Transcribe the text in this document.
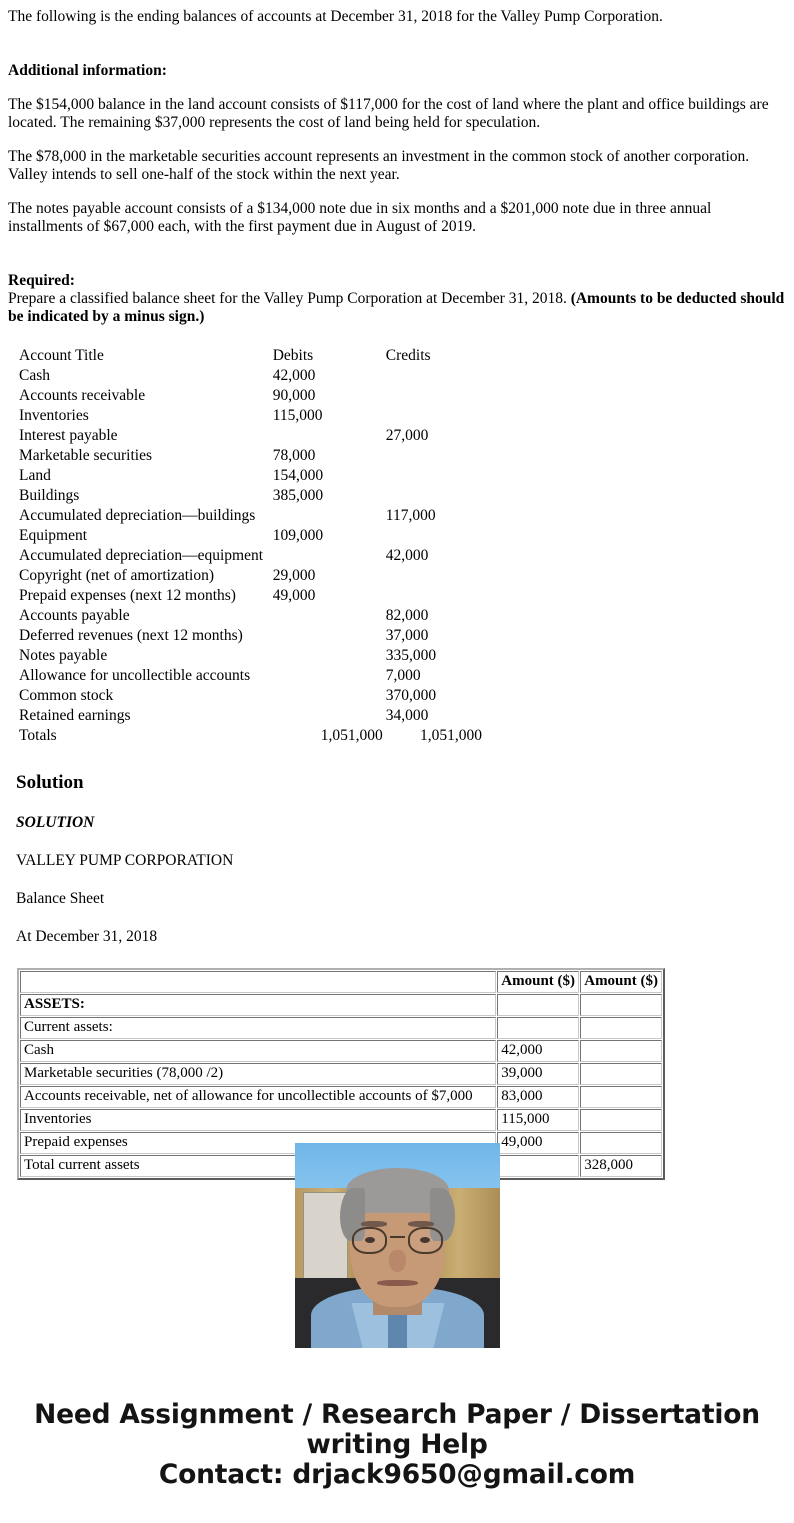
The following is the ending balances of accounts at December 31, 2018 for the Valley Pump Corporation.

Additional information:

The $154,000 balance in the land account consists of $117,000 for the cost of land where the plant and office buildings are located. The remaining $37,000 represents the cost of land being held for speculation.

The $78,000 in the marketable securities account represents an investment in the common stock of another corporation. Valley intends to sell one-half of the stock within the next year.

The notes payable account consists of a $134,000 note due in six months and a $201,000 note due in three annual installments of $67,000 each, with the first payment due in August of 2019.

Required:

Prepare a classified balance sheet for the Valley Pump Corporation at December 31, 2018. (Amounts to be deducted should be indicated by a minus sign.)

Account Title	Debits	Credits
Cash	42,000	
Accounts receivable	90,000	
Inventories	115,000	
Interest payable		27,000
Marketable securities	78,000	
Land	154,000	
Buildings	385,000	
Accumulated depreciation—buildings		117,000
Equipment	109,000	
Accumulated depreciation—equipment		42,000
Copyright (net of amortization)	29,000	
Prepaid expenses (next 12 months)	49,000	
Accounts payable		82,000
Deferred revenues (next 12 months)		37,000
Notes payable		335,000
Allowance for uncollectible accounts		7,000
Common stock		370,000
Retained earnings		34,000
Totals	1,051,000	1,051,000
Solution

SOLUTION

VALLEY PUMP CORPORATION

Balance Sheet

At December 31, 2018

	Amount ($)	Amount ($)
ASSETS:		
Current assets:		
Cash	42,000	
Marketable securities (78,000 /2)	39,000	
Accounts receivable, net of allowance for uncollectible accounts of $7,000	83,000	
Inventories	115,000	
Prepaid expenses	49,000	
Total current assets		328,000
Need Assignment / Research Paper / Dissertation
writing Help
Contact: drjack9650@gmail.com
